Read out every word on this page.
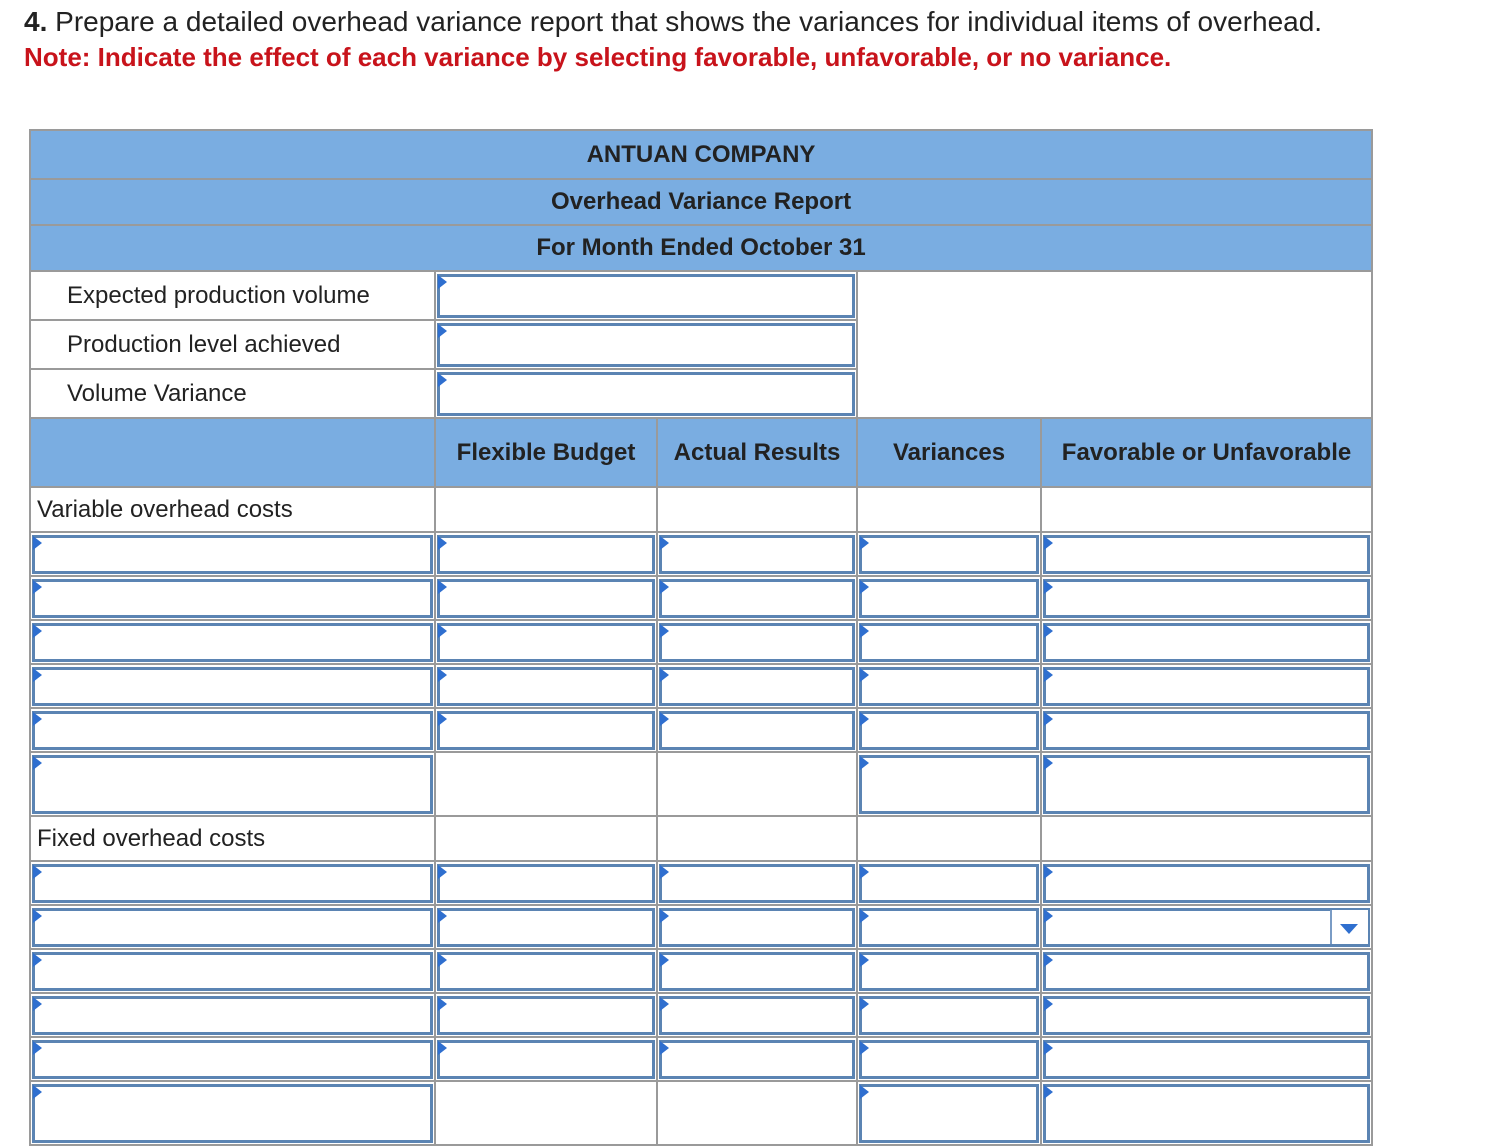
4. Prepare a detailed overhead variance report that shows the variances for individual items of overhead.
Note: Indicate the effect of each variance by selecting favorable, unfavorable, or no variance.
ANTUAN COMPANY				
Overhead Variance Report				
For Month Ended October 31				
Expected production volume			

Production level achieved			

Volume Variance			

	Flexible Budget	Actual Results	Variances	Favorable or Unfavorable
Variable overhead costs				

Fixed overhead costs				
